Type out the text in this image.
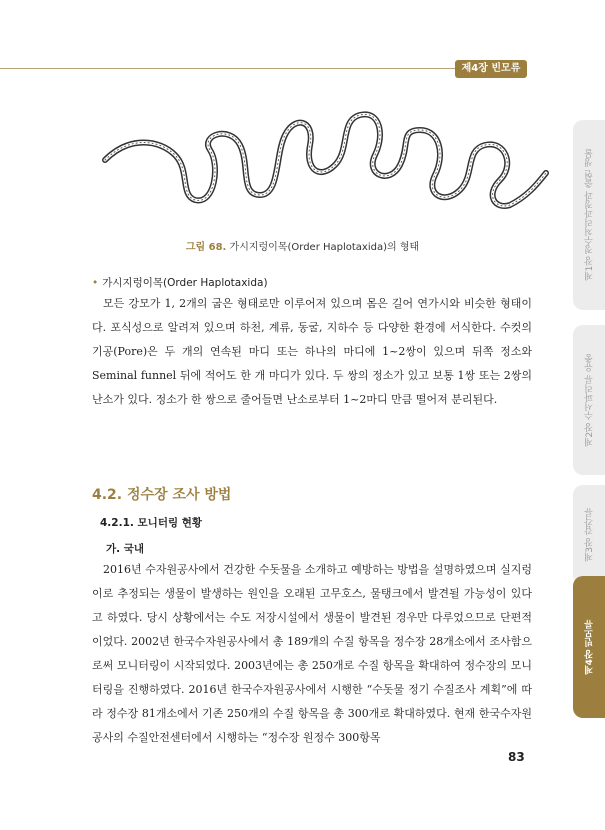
제4장 빈모류
제1장 정수처리과정과 출현 생물
제2장 수서파리류 유충
제3장 갑각류
제4장 빈모류
그림 68. 가시지렁이목(Order Haplotaxida)의 형태
• 가시지렁이목(Order Haplotaxida)

모든 강모가 1, 2개의 굽은 형태로만 이루어져 있으며 몸은 길어 연가시와 비슷한 형태이다. 포식성으로 알려져 있으며 하천, 계류, 동굴, 지하수 등 다양한 환경에 서식한다. 수컷의 기공(Pore)은 두 개의 연속된 마디 또는 하나의 마디에 1~2쌍이 있으며 뒤쪽 정소와 Seminal funnel 뒤에 적어도 한 개 마디가 있다. 두 쌍의 정소가 있고 보통 1쌍 또는 2쌍의 난소가 있다. 정소가 한 쌍으로 줄어들면 난소로부터 1~2마디 만큼 떨어져 분리된다.

4.2. 정수장 조사 방법
4.2.1. 모니터링 현황
가. 국내

2016년 수자원공사에서 건강한 수돗물을 소개하고 예방하는 방법을 설명하였으며 실지렁이로 추정되는 생물이 발생하는 원인을 오래된 고무호스, 물탱크에서 발견될 가능성이 있다고 하였다. 당시 상황에서는 수도 저장시설에서 생물이 발견된 경우만 다루었으므로 단편적이었다. 2002년 한국수자원공사에서 총 189개의 수질 항목을 정수장 28개소에서 조사함으로써 모니터링이 시작되었다. 2003년에는 총 250개로 수질 항목을 확대하여 정수장의 모니터링을 진행하였다. 2016년 한국수자원공사에서 시행한 “수돗물 정기 수질조사 계획”에 따라 정수장 81개소에서 기존 250개의 수질 항목을 총 300개로 확대하였다. 현재 한국수자원공사의 수질안전센터에서 시행하는 “정수장 원정수 300항목

83
